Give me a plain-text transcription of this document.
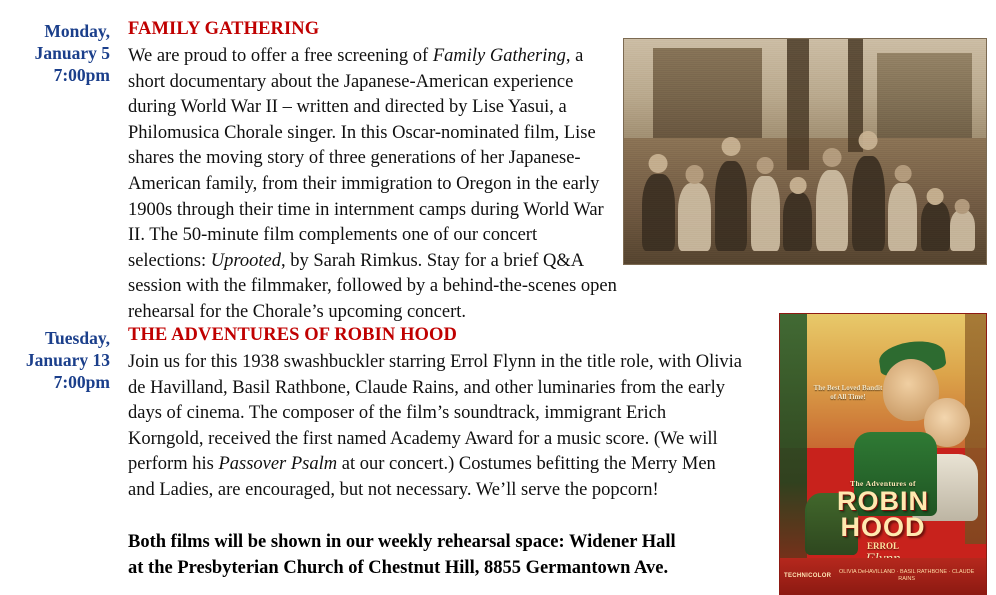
Monday,
January 5
7:00pm
FAMILY GATHERING
We are proud to offer a free screening of Family Gathering, a short documentary about the Japanese-American experience during World War II – written and directed by Lise Yasui, a Philomusica Chorale singer. In this Oscar-nominated film, Lise shares the moving story of three generations of her Japanese-American family, from their immigration to Oregon in the early 1900s through their time in internment camps during World War II. The 50-minute film complements one of our concert selections: Uprooted, by Sarah Rimkus. Stay for a brief Q&A session with the filmmaker, followed by a behind-the-scenes open rehearsal for the Chorale’s upcoming concert.
Tuesday,
January 13
7:00pm
THE ADVENTURES OF ROBIN HOOD
Join us for this 1938 swashbuckler starring Errol Flynn in the title role, with Olivia de Havilland, Basil Rathbone, Claude Rains, and other luminaries from the early days of cinema. The composer of the film’s soundtrack, immigrant Erich Korngold, received the first named Academy Award for a music score. (We will perform his Passover Psalm at our concert.) Costumes befitting the Merry Men and Ladies, are encouraged, but not necessary. We’ll serve the popcorn!
The Best Loved Bandit of All Time!
The Adventures of
ROBIN
HOOD
ERROL
TECHNICOLOR
OLIVIA DeHAVILLAND · BASIL RATHBONE · CLAUDE RAINS
Both films will be shown in our weekly rehearsal space: Widener Hall
at the Presbyterian Church of Chestnut Hill, 8855 Germantown Ave.
